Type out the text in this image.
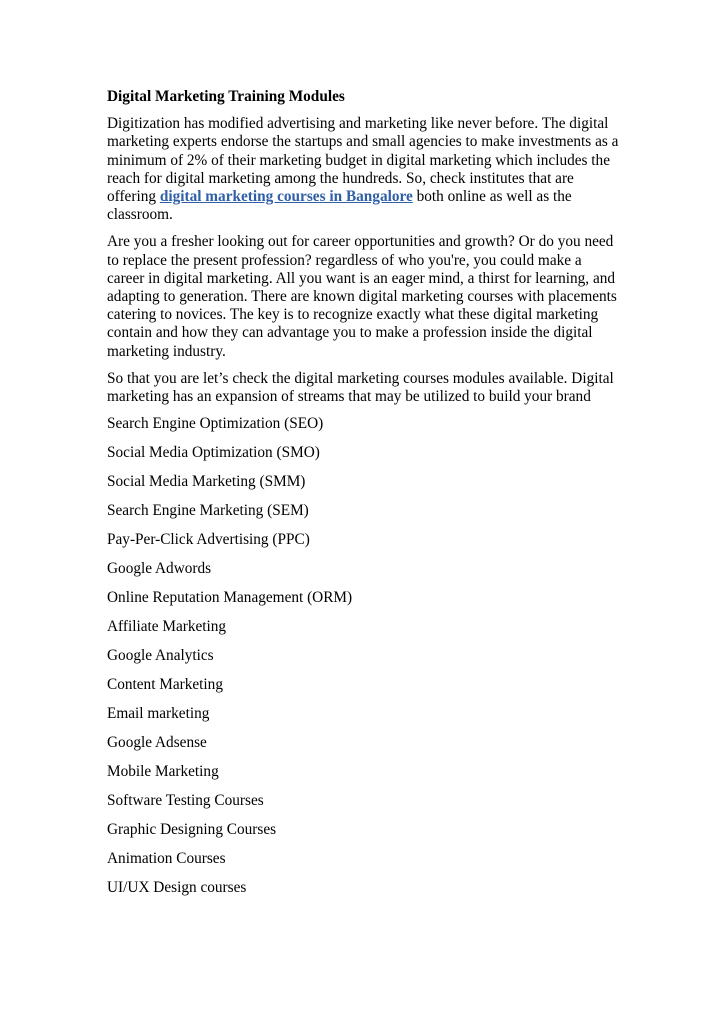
Digital Marketing Training Modules

Digitization has modified advertising and marketing like never before. The digital marketing experts endorse the startups and small agencies to make investments as a minimum of 2% of their marketing budget in digital marketing which includes the reach for digital marketing among the hundreds. So, check institutes that are offering digital marketing courses in Bangalore both online as well as the classroom.

Are you a fresher looking out for career opportunities and growth? Or do you need to replace the present profession? regardless of who you're, you could make a career in digital marketing. All you want is an eager mind, a thirst for learning, and adapting to generation. There are known digital marketing courses with placements catering to novices. The key is to recognize exactly what these digital marketing contain and how they can advantage you to make a profession inside the digital marketing industry.

So that you are let’s check the digital marketing courses modules available. Digital marketing has an expansion of streams that may be utilized to build your brand

Search Engine Optimization (SEO)
Social Media Optimization (SMO)
Social Media Marketing (SMM)
Search Engine Marketing (SEM)
Pay-Per-Click Advertising (PPC)
Google Adwords
Online Reputation Management (ORM)
Affiliate Marketing
Google Analytics
Content Marketing
Email marketing
Google Adsense
Mobile Marketing
Software Testing Courses
Graphic Designing Courses
Animation Courses
UI/UX Design courses
